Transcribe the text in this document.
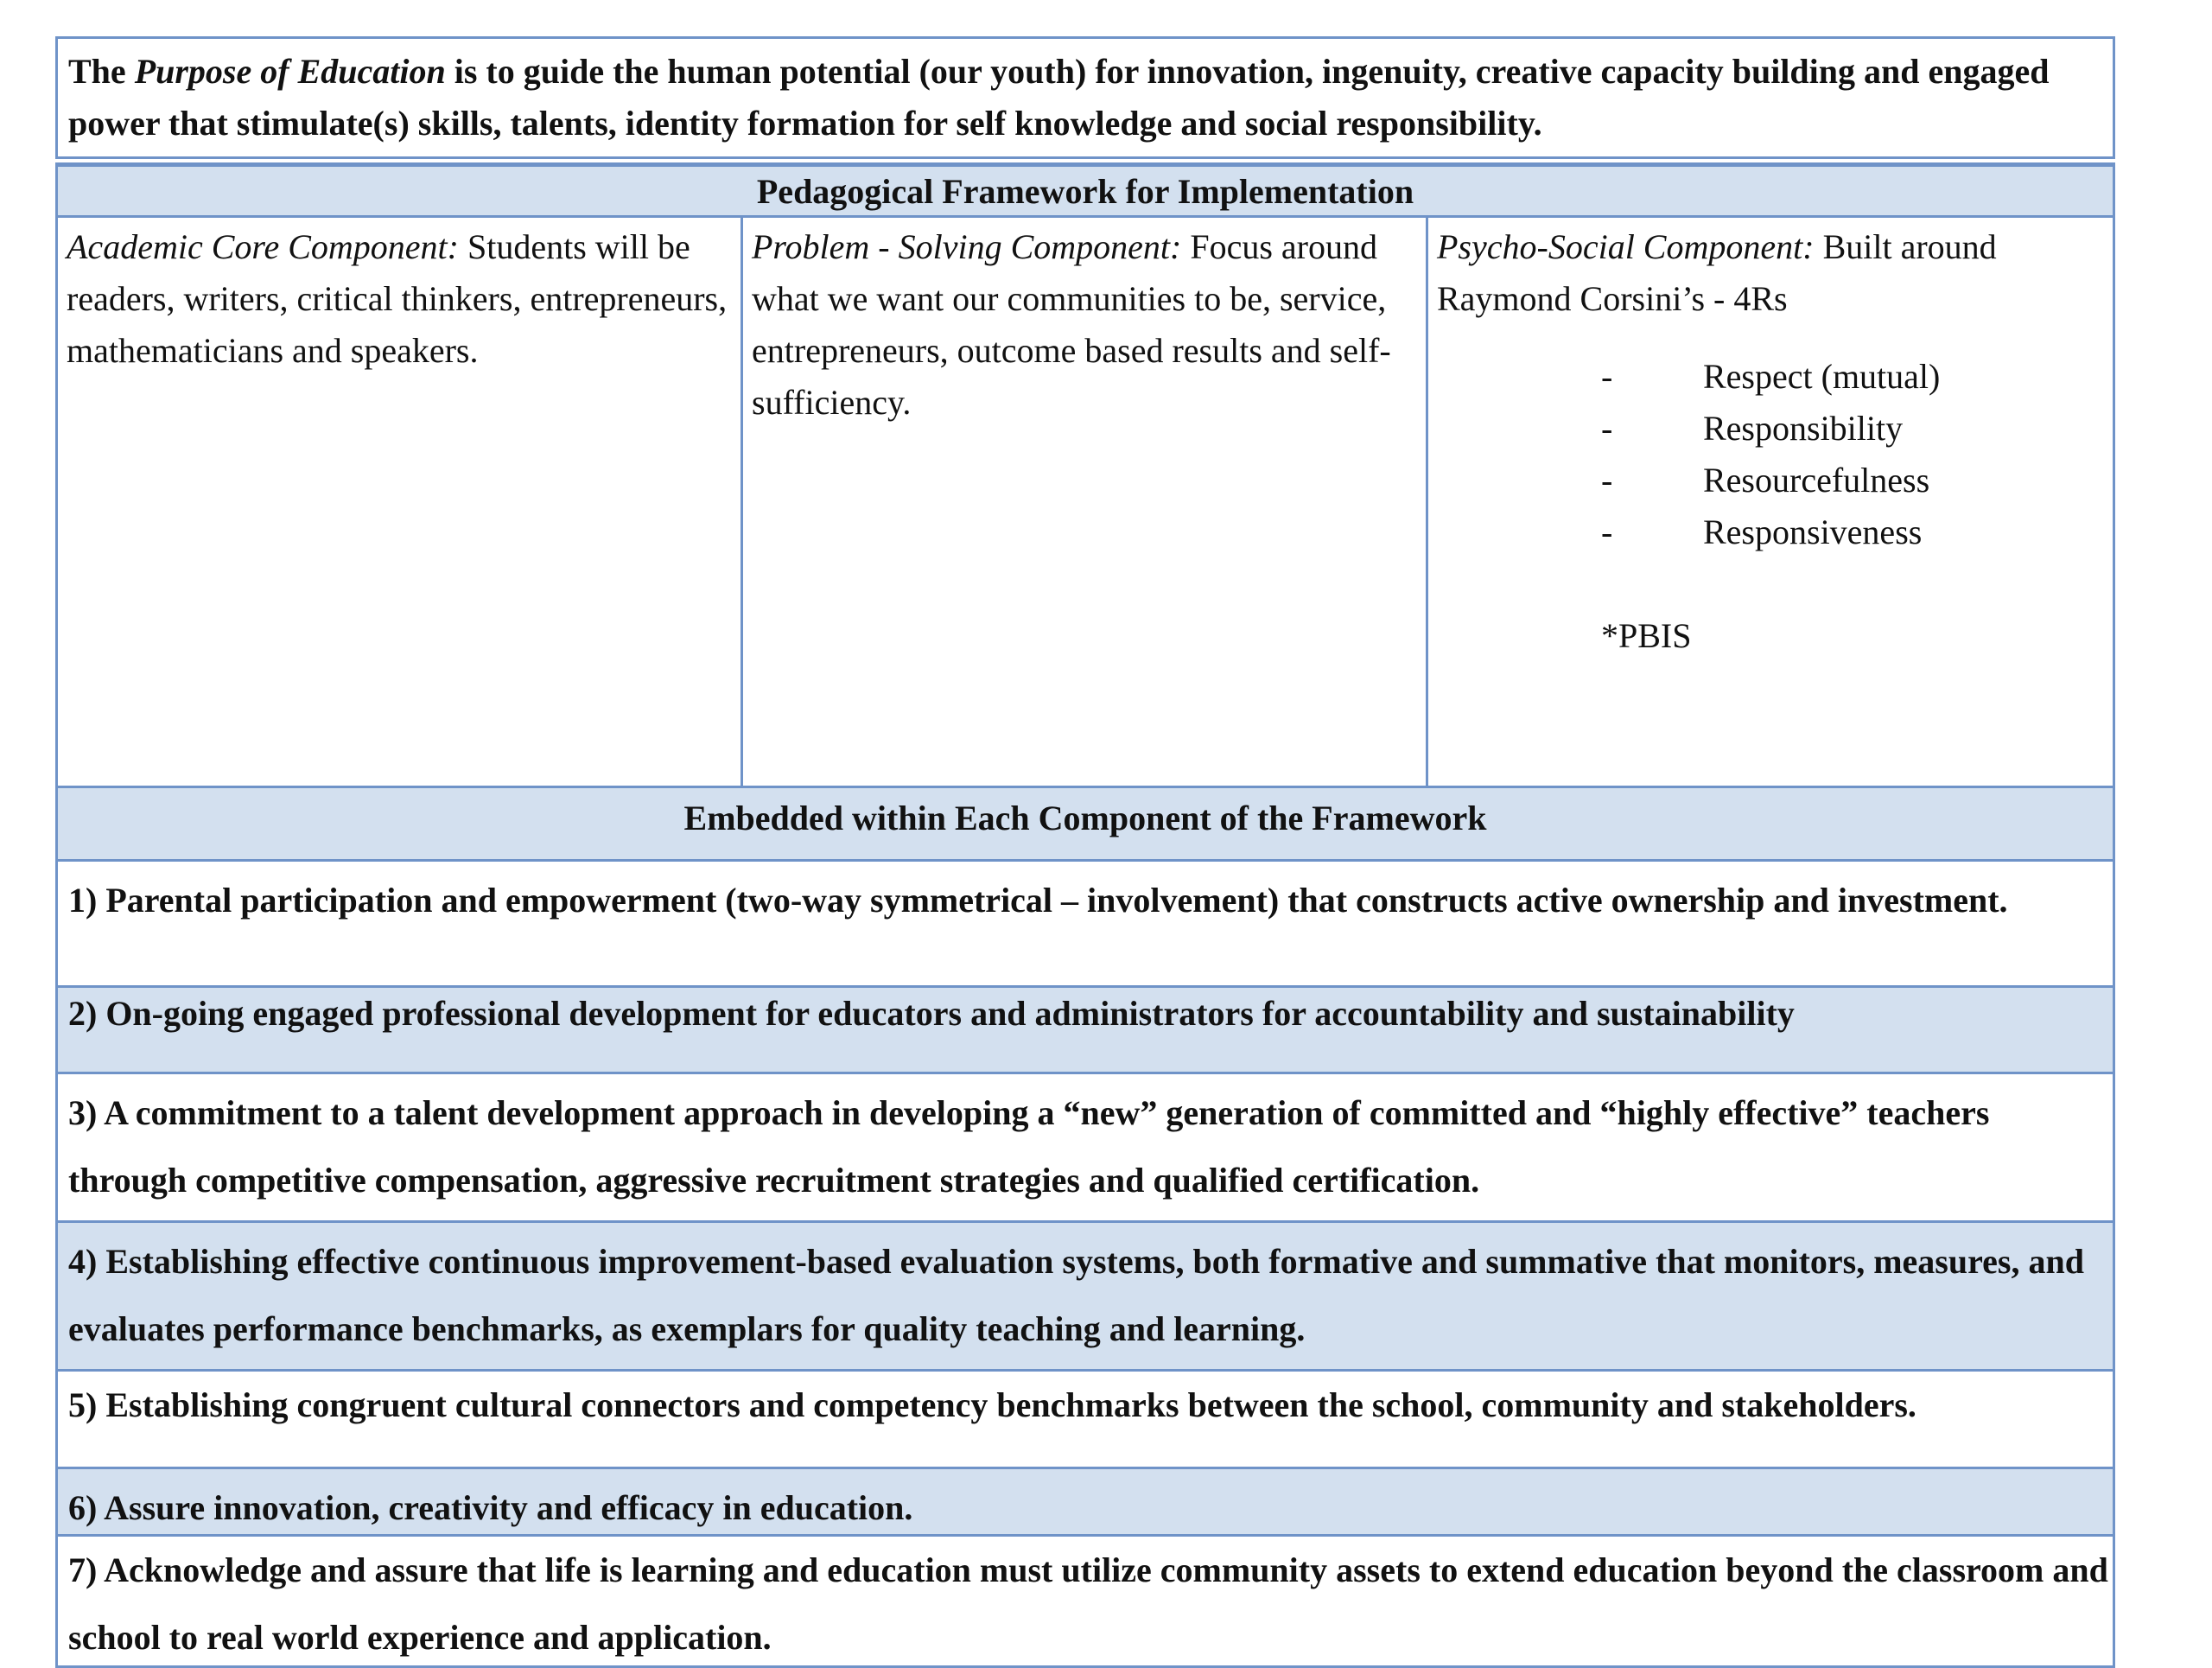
The Purpose of Education is to guide the human potential (our youth) for innovation, ingenuity, creative capacity building and engaged power that stimulate(s) skills, talents, identity formation for self knowledge and social responsibility.
Pedagogical Framework for Implementation
Academic Core Component: Students will be readers, writers, critical thinkers, entrepreneurs, mathematicians and speakers.
Problem - Solving Component: Focus around what we want our communities to be, service, entrepreneurs, outcome based results and self-sufficiency.
Psycho-Social Component: Built around Raymond Corsini’s - 4Rs
-	Respect (mutual)
-	Responsibility
-	Resourcefulness
-	Responsiveness
*PBIS
Embedded within Each Component of the Framework
1) Parental participation and empowerment (two-way symmetrical – involvement) that constructs active ownership and investment.
2) On-going engaged professional development for educators and administrators for accountability and sustainability
3) A commitment to a talent development approach in developing a “new” generation of committed and “highly effective” teachers through competitive compensation, aggressive recruitment strategies and qualified certification.
4) Establishing effective continuous improvement-based evaluation systems, both formative and summative that monitors, measures, and evaluates performance benchmarks, as exemplars for quality teaching and learning.
5) Establishing congruent cultural connectors and competency benchmarks between the school, community and stakeholders.
6) Assure innovation, creativity and efficacy in education.
7) Acknowledge and assure that life is learning and education must utilize community assets to extend education beyond the classroom and school to real world experience and application.
